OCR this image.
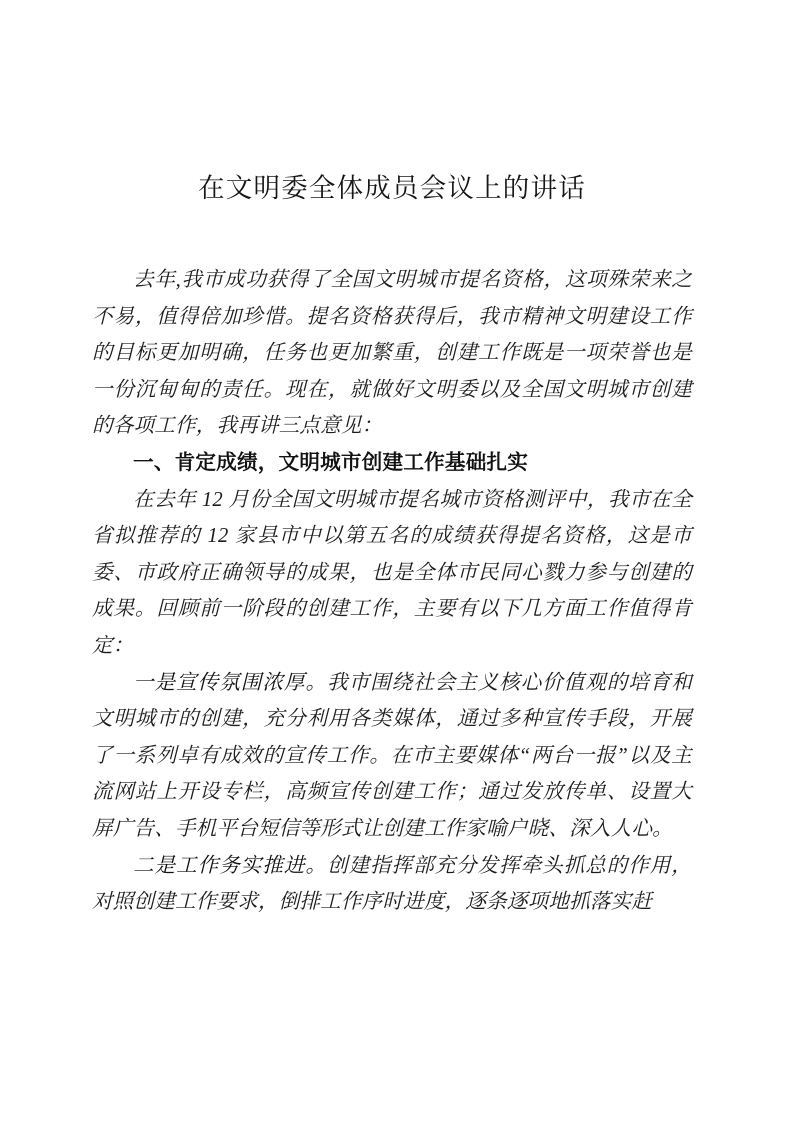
在文明委全体成员会议上的讲话

去年,我市成功获得了全国文明城市提名资格，这项殊荣来之不易，值得倍加珍惜。提名资格获得后，我市精神文明建设工作的目标更加明确，任务也更加繁重，创建工作既是一项荣誉也是一份沉甸甸的责任。现在，就做好文明委以及全国文明城市创建的各项工作，我再讲三点意见：

一、肯定成绩，文明城市创建工作基础扎实

在去年 12 月份全国文明城市提名城市资格测评中，我市在全省拟推荐的 12 家县市中以第五名的成绩获得提名资格，这是市委、市政府正确领导的成果，也是全体市民同心戮力参与创建的成果。回顾前一阶段的创建工作，主要有以下几方面工作值得肯定：

一是宣传氛围浓厚。我市围绕社会主义核心价值观的培育和文明城市的创建，充分利用各类媒体，通过多种宣传手段，开展了一系列卓有成效的宣传工作。在市主要媒体“两台一报”以及主流网站上开设专栏，高频宣传创建工作；通过发放传单、设置大屏广告、手机平台短信等形式让创建工作家喻户晓、深入人心。

二是工作务实推进。创建指挥部充分发挥牵头抓总的作用，对照创建工作要求，倒排工作序时进度，逐条逐项地抓落实赶
